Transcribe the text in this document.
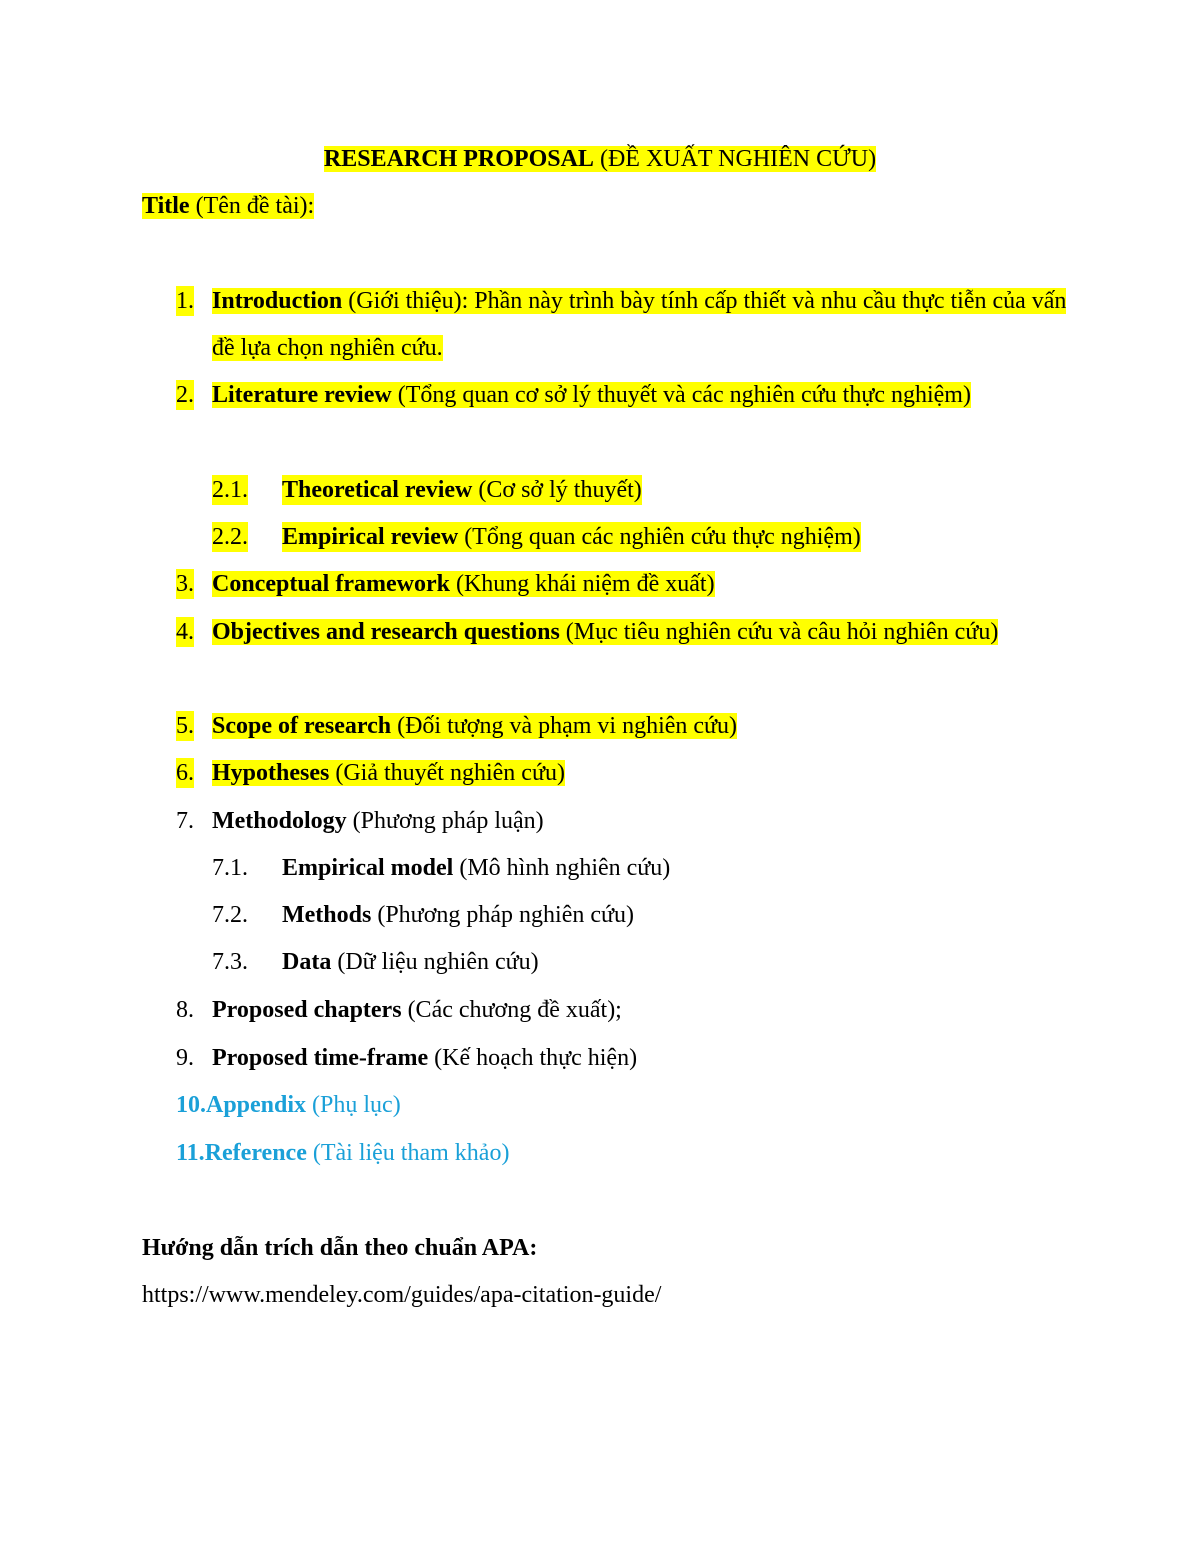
RESEARCH PROPOSAL (ĐỀ XUẤT NGHIÊN CỨU)
Title (Tên đề tài):
1. Introduction (Giới thiệu): Phần này trình bày tính cấp thiết và nhu cầu thực tiễn của vấn đề lựa chọn nghiên cứu.
2. Literature review (Tổng quan cơ sở lý thuyết và các nghiên cứu thực nghiệm)
2.1. Theoretical review (Cơ sở lý thuyết)
2.2. Empirical review (Tổng quan các nghiên cứu thực nghiệm)
3. Conceptual framework (Khung khái niệm đề xuất)
4. Objectives and research questions (Mục tiêu nghiên cứu và câu hỏi nghiên cứu)
5. Scope of research (Đối tượng và phạm vi nghiên cứu)
6. Hypotheses (Giả thuyết nghiên cứu)
7. Methodology (Phương pháp luận)
7.1. Empirical model (Mô hình nghiên cứu)
7.2. Methods (Phương pháp nghiên cứu)
7.3. Data (Dữ liệu nghiên cứu)
8. Proposed chapters (Các chương đề xuất);
9. Proposed time-frame (Kế hoạch thực hiện)
10.Appendix (Phụ lục)
11.Reference (Tài liệu tham khảo)
Hướng dẫn trích dẫn theo chuẩn APA:
https://www.mendeley.com/guides/apa-citation-guide/
